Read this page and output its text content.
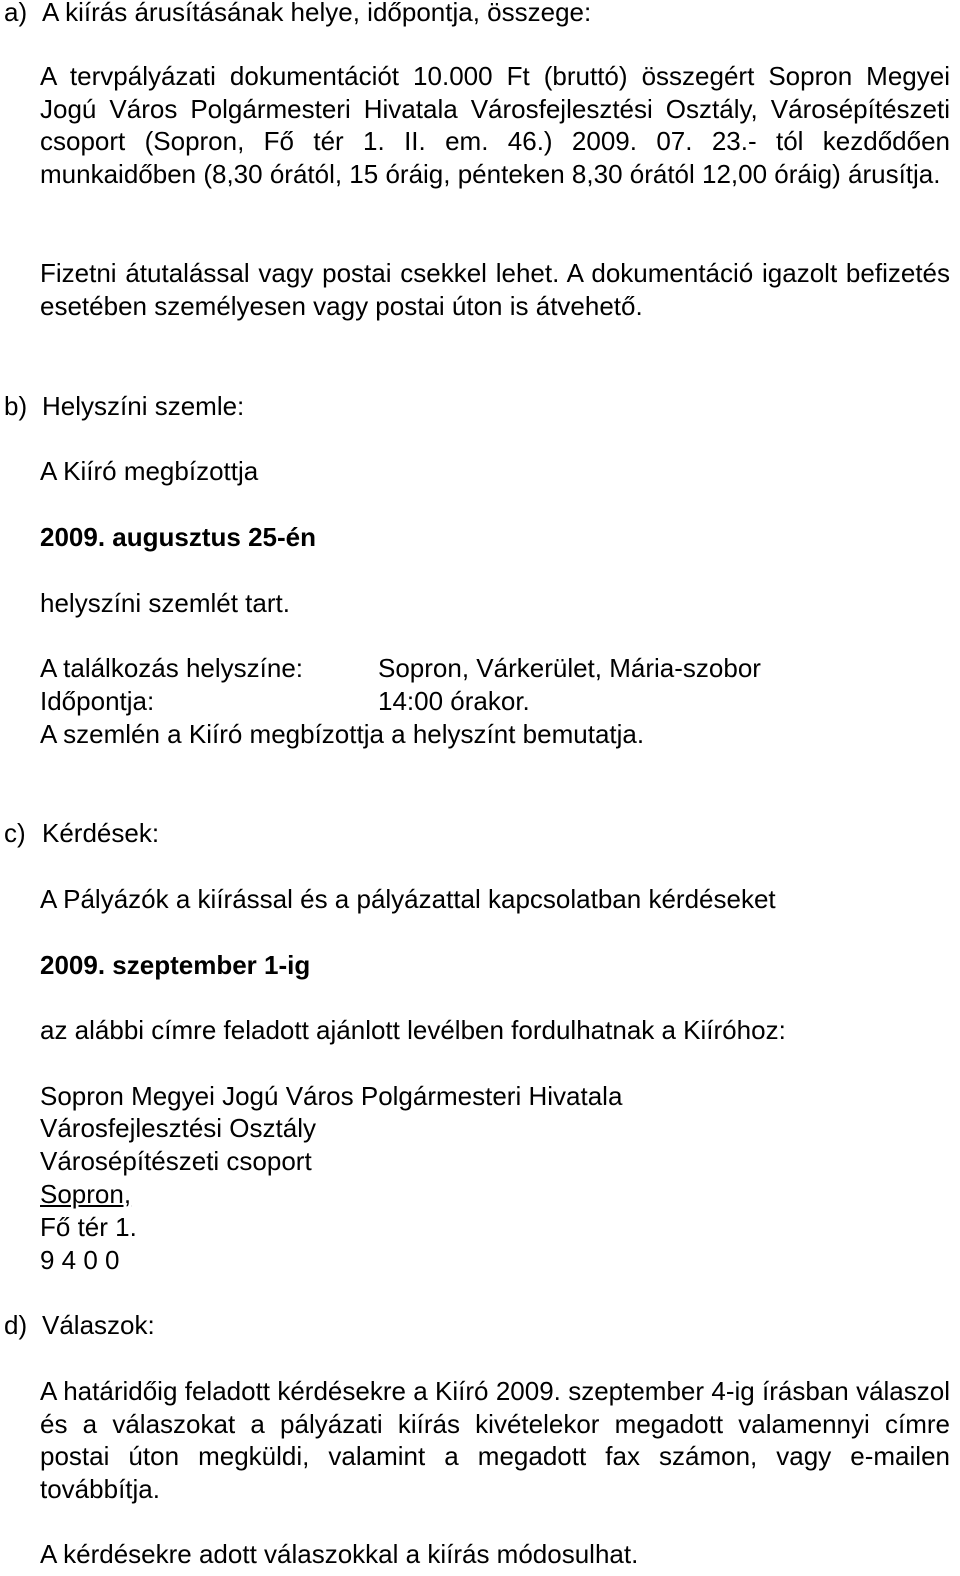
a) A kiírás árusításának helye, időpontja, összege:

A tervpályázati dokumentációt 10.000 Ft (bruttó) összegért Sopron Megyei Jogú Város Polgármesteri Hivatala Városfejlesztési Osztály, Városépítészeti csoport (Sopron, Fő tér 1. II. em. 46.) 2009. 07. 23.- tól kezdődően munkaidőben (8,30 órától, 15 óráig, pénteken 8,30 órától 12,00 óráig) árusítja.

Fizetni átutalással vagy postai csekkel lehet. A dokumentáció igazolt befizetés esetében személyesen vagy postai úton is átvehető.

b) Helyszíni szemle:

A Kiíró megbízottja

2009. augusztus 25-én

helyszíni szemlét tart.

A találkozás helyszíne:	Sopron, Várkerület, Mária-szobor

Időpontja:	14:00 órakor.

A szemlén a Kiíró megbízottja a helyszínt bemutatja.

c) Kérdések:

A Pályázók a kiírással és a pályázattal kapcsolatban kérdéseket

2009. szeptember 1-ig

az alábbi címre feladott ajánlott levélben fordulhatnak a Kiíróhoz:

Sopron Megyei Jogú Város Polgármesteri Hivatala

Városfejlesztési Osztály

Városépítészeti csoport

Sopron,

Fő tér 1.

9 4 0 0

d) Válaszok:

A határidőig feladott kérdésekre a Kiíró 2009. szeptember 4-ig írásban válaszol és a válaszokat a pályázati kiírás kivételekor megadott valamennyi címre postai úton megküldi, valamint a megadott fax számon, vagy e-mailen továbbítja.

A kérdésekre adott válaszokkal a kiírás módosulhat.
